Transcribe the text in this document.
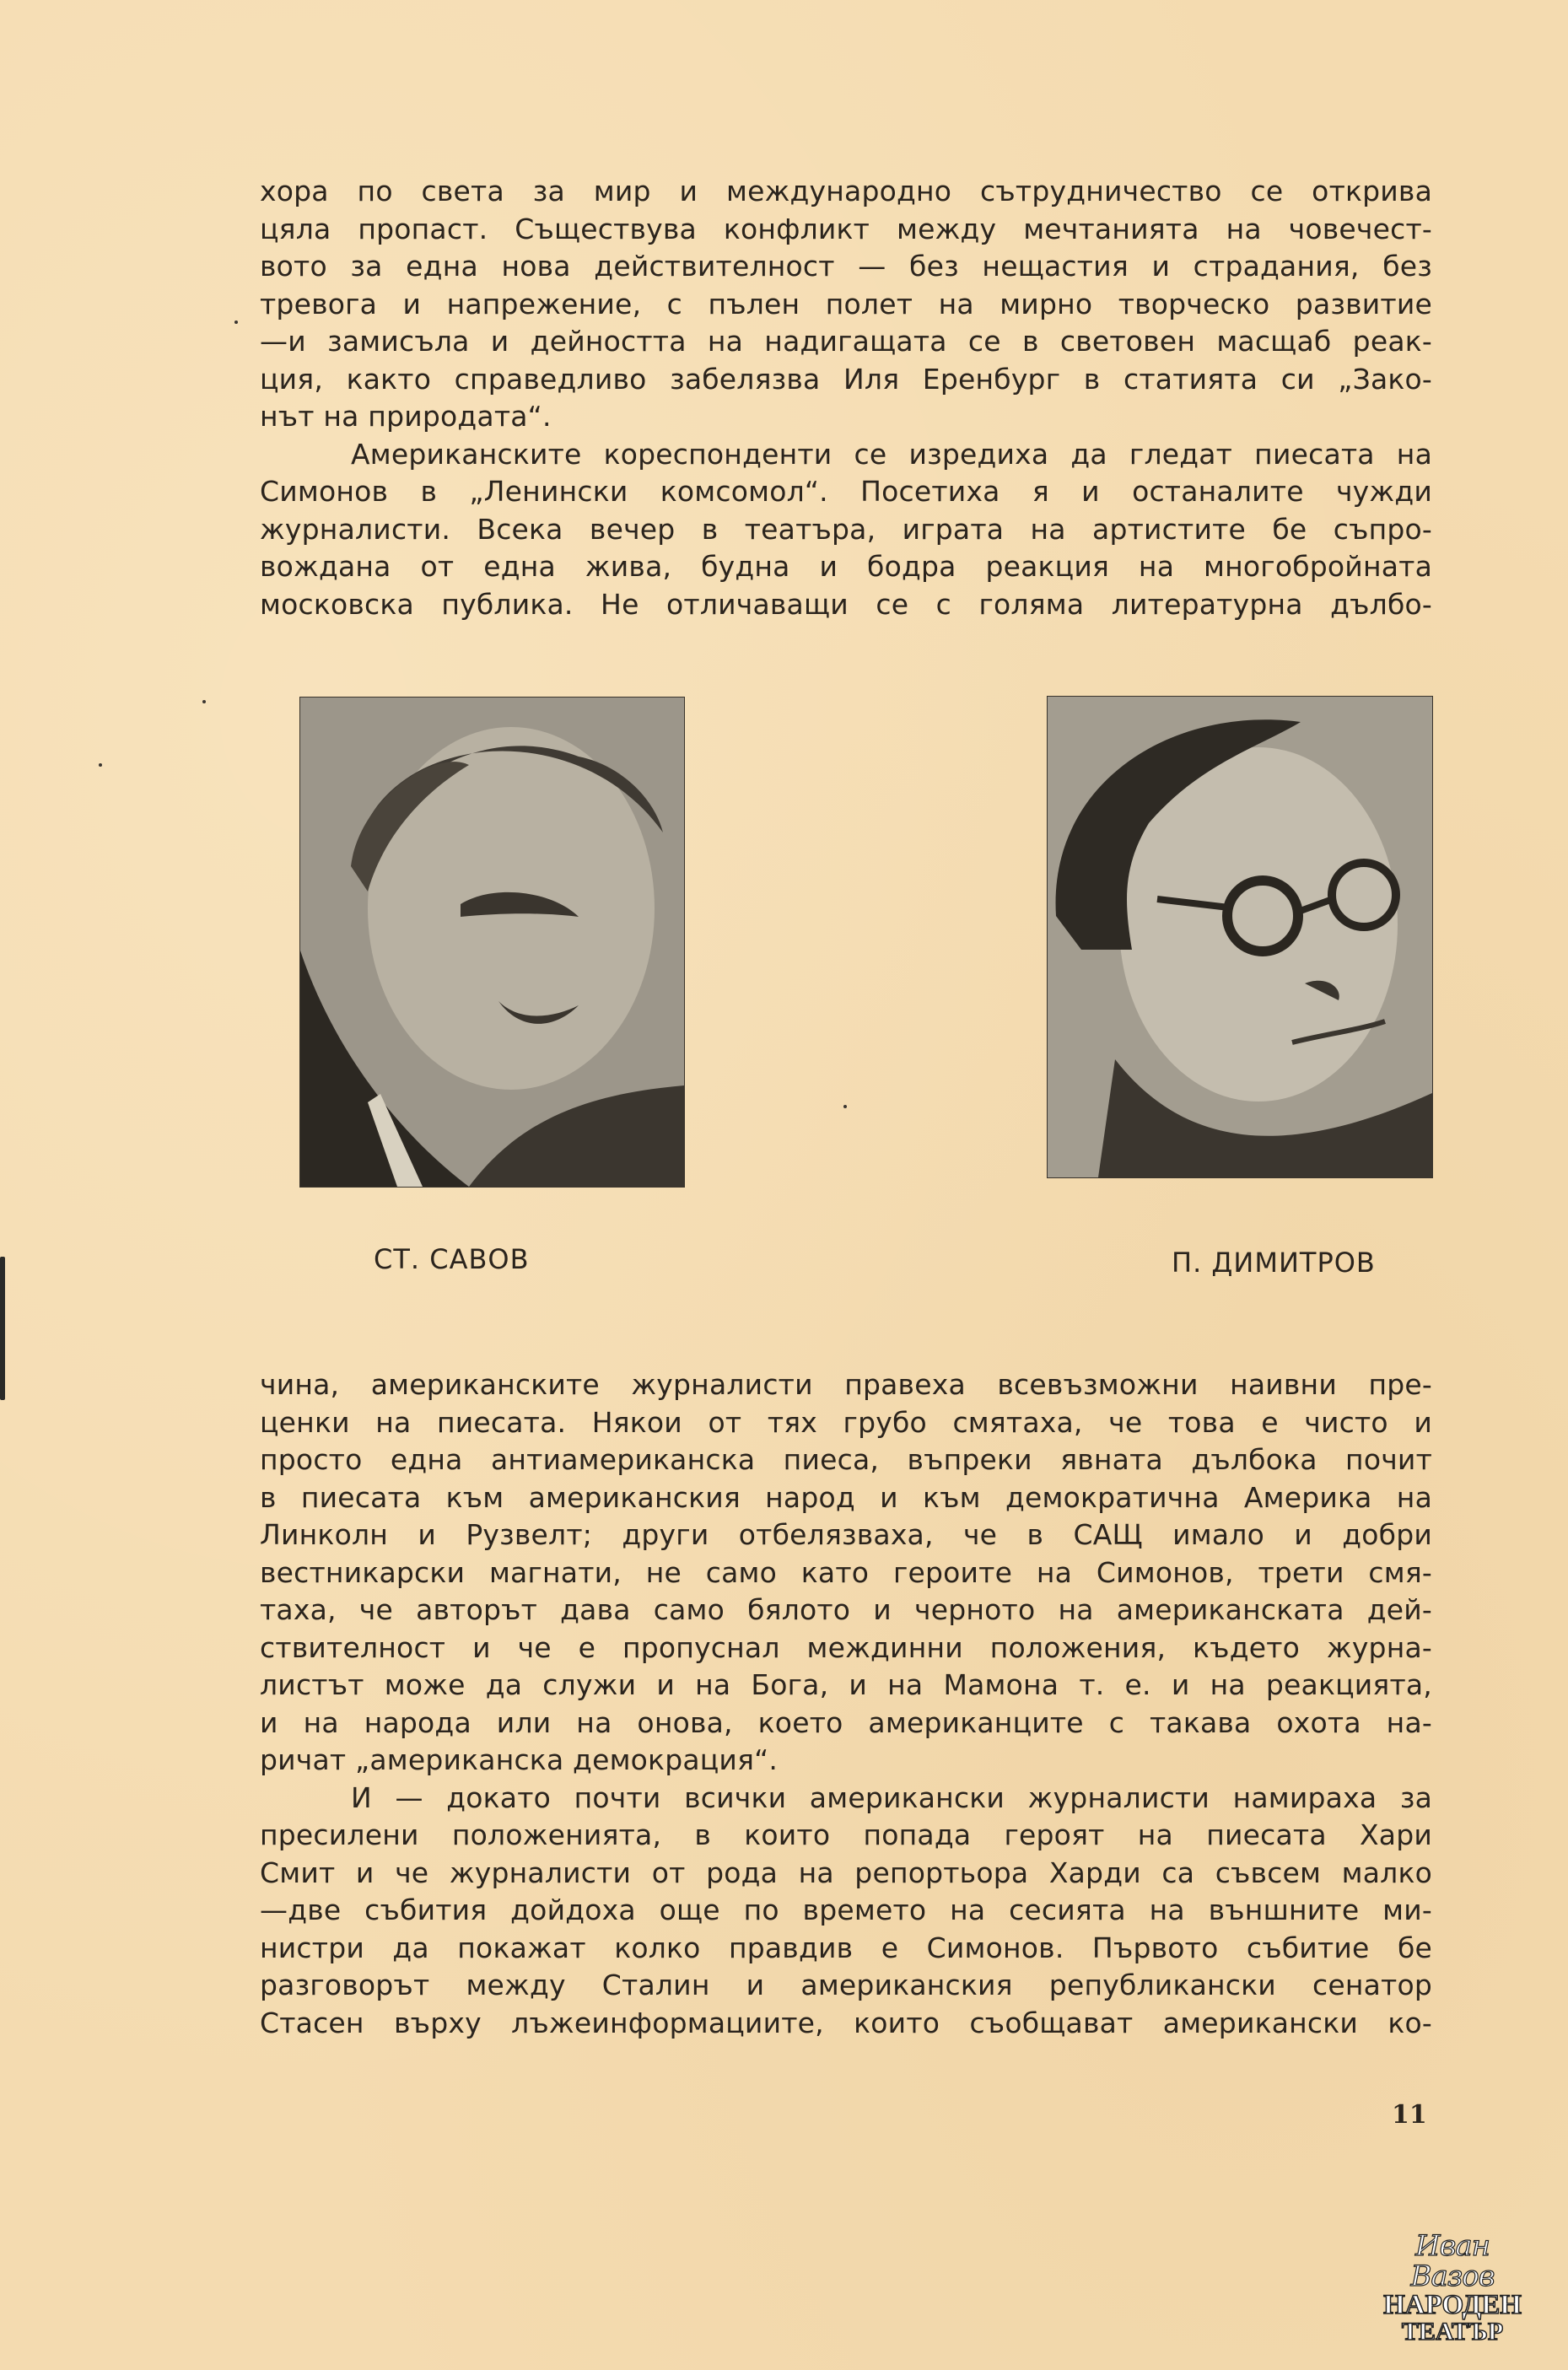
хора по света за мир и международно сътрудничество се открива
цяла пропаст. Съществува конфликт между мечтанията на човечест-
вото за една нова действителност — без нещастия и страдания, без
тревога и напрежение, с пълен полет на мирно творческо развитие
—и замисъла и дейността на надигащата се в световен масщаб реак-
ция, както справедливо забелязва Иля Еренбург в статията си „Зако-
нът на природата“.
Американските кореспонденти се изредиха да гледат пиесата на
Симонов в „Ленински комсомол“. Посетиха я и останалите чужди
журналисти. Всека вечер в театъра, играта на артистите бе съпро-
вождана от една жива, будна и бодра реакция на многобройната
московска публика. Не отличаващи се с голяма литературна дълбо-
СТ. САВОВ	П. ДИМИТРОВ
чина, американските журналисти правеха всевъзможни наивни пре-
ценки на пиесата. Някои от тях грубо смятаха, че това е чисто и
просто една антиамериканска пиеса, въпреки явната дълбока почит
в пиесата към американския народ и към демократична Америка на
Линколн и Рузвелт; други отбелязваха, че в САЩ имало и добри
вестникарски магнати, не само като героите на Симонов, трети смя-
таха, че авторът дава само бялото и черното на американската дей-
ствителност и че е пропуснал междинни положения, където журна-
листът може да служи и на Бога, и на Мамона т. е. и на реакцията,
и на народа или на онова, което американците с такава охота на-
ричат „американска демокрация“.
И — докато почти всички американски журналисти намираха за
пресилени положенията, в които попада героят на пиесата Хари
Смит и че журналисти от рода на репортьора Харди са съвсем малко
—две събития дойдоха още по времето на сесията на външните ми-
нистри да покажат колко правдив е Симонов. Първото събитие бе
разговорът между Сталин и американския републикански сенатор
Стасен върху лъжеинформациите, които съобщават американски ко-
11
Иван Вазов
НАРОДЕН
ТЕАТЪР
